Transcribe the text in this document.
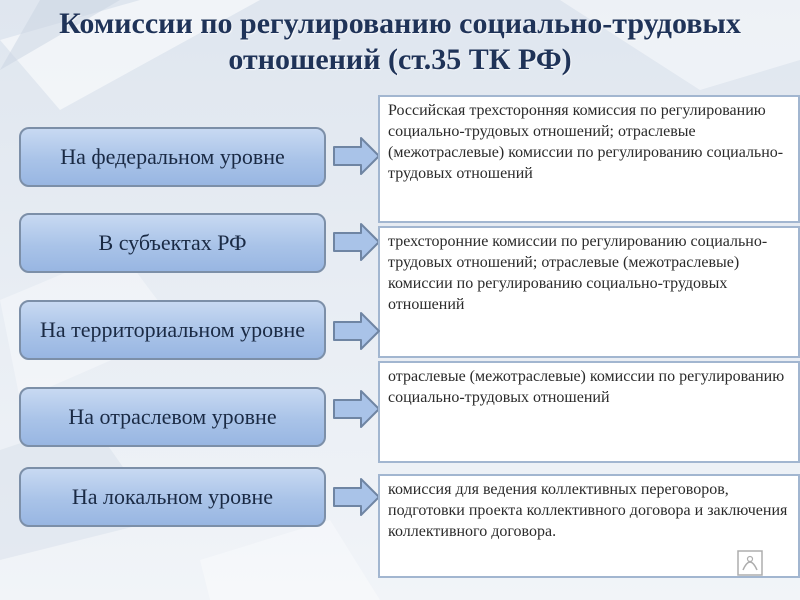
Комиссии по регулированию социально-трудовых отношений (ст.35 ТК РФ)
На федеральном уровне
Российская трехсторонняя комиссия по регулированию социально-трудовых отношений; отраслевые (межотраслевые) комиссии по регулированию социально-трудовых отношений
В субъектах РФ	трехсторонние комиссии по регулированию социально-трудовых отношений; отраслевые (межотраслевые) комиссии по регулированию социально-трудовых отношений
На территориальном уровне
На отраслевом уровне
отраслевые (межотраслевые) комиссии по регулированию социально-трудовых отношений
На локальном уровне	комиссия для ведения коллективных переговоров, подготовки проекта коллективного договора и заключения коллективного договора.
